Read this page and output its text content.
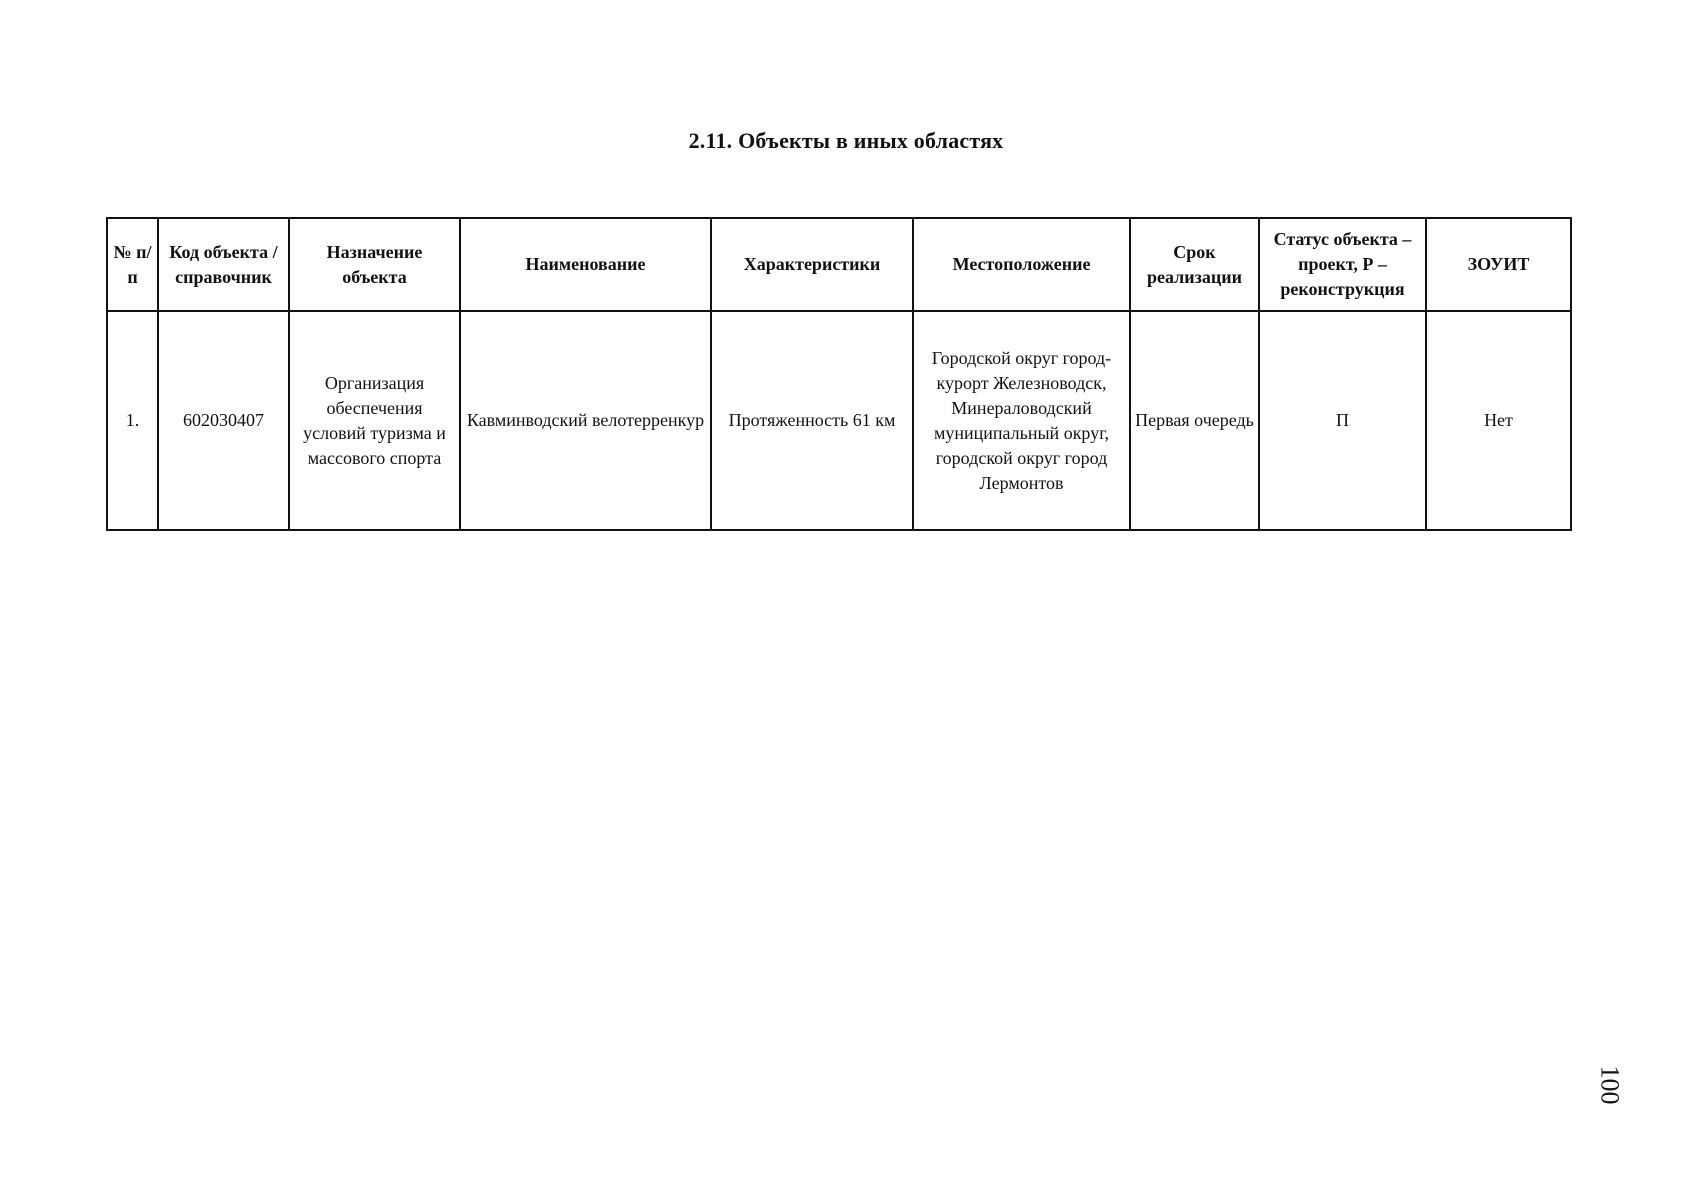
2.11. Объекты в иных областях
№ п/п	Код объекта / справочник	Назначение объекта	Наименование	Характеристики	Местоположение	Срок реализации	Статус объекта – проект, Р – реконструкция	ЗОУИТ
1.	602030407	Организация обеспечения условий туризма и массового спорта	Кавминводский велотерренкур	Протяженность 61 км	Городской округ город-курорт Железноводск, Минераловодский муниципальный округ, городской округ город Лермонтов	Первая очередь	П	Нет
100
